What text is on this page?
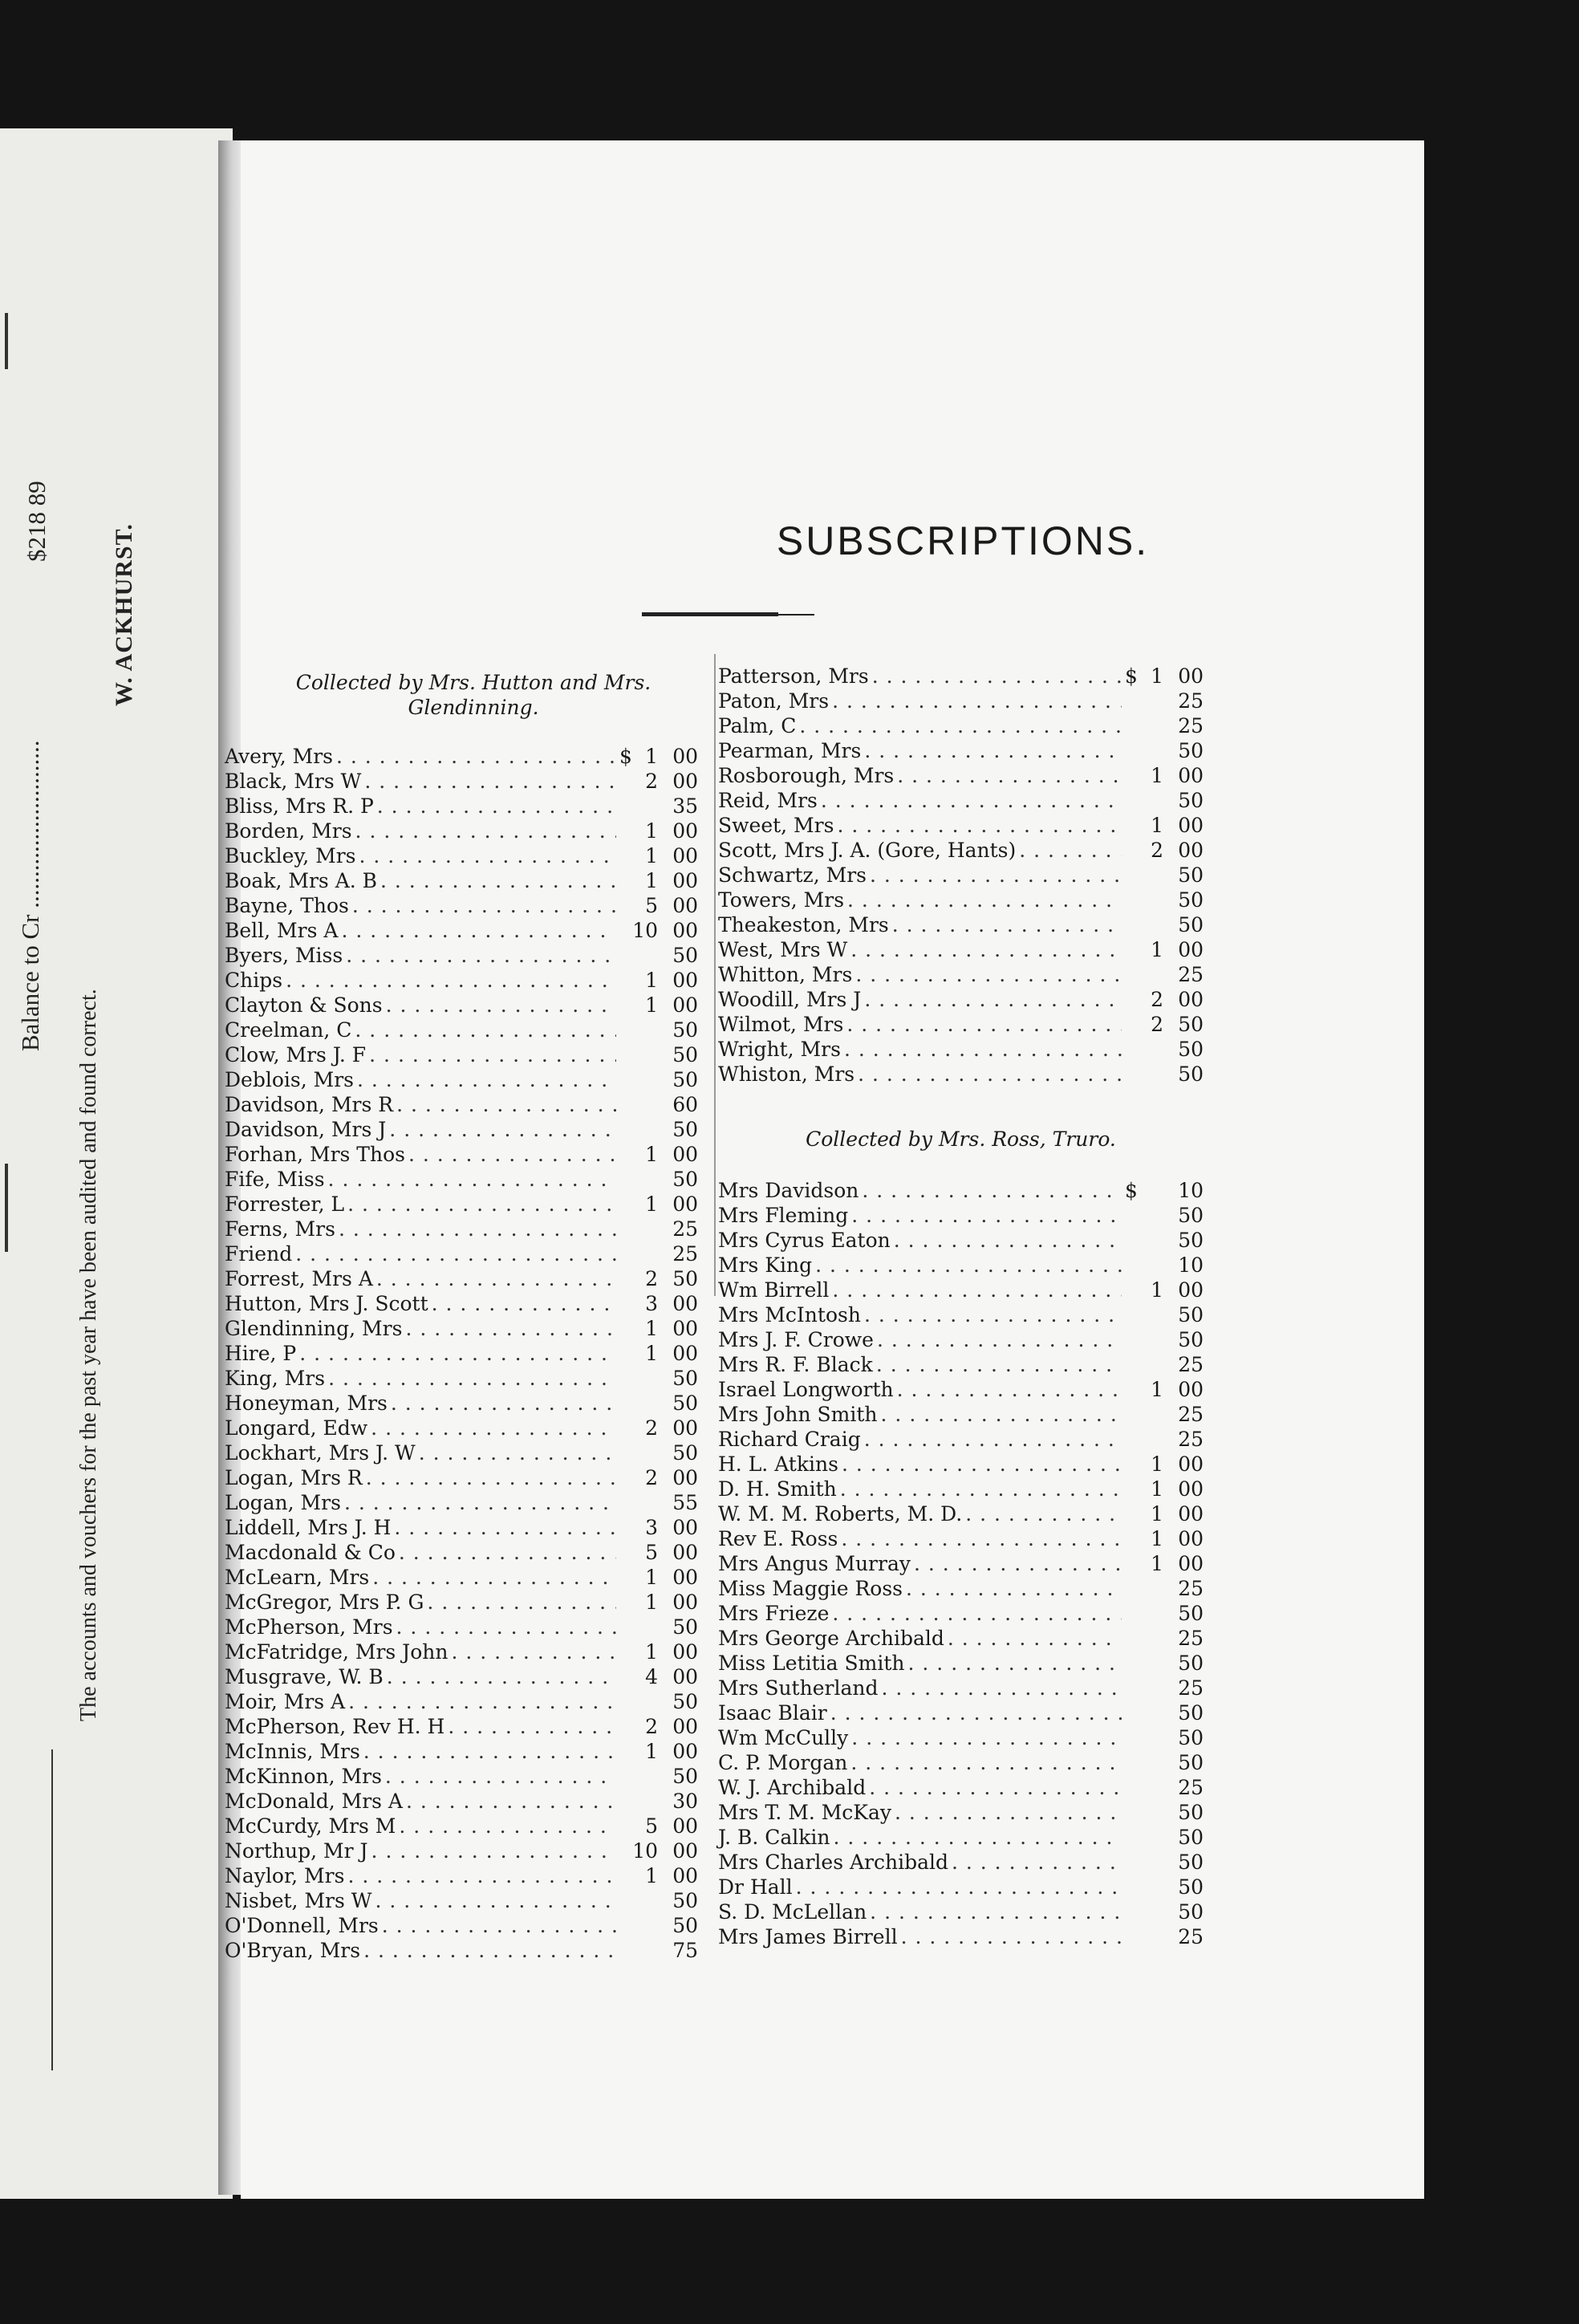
Balance to Cr ...........................
$218 89
The accounts and vouchers for the past year have been audited and found correct.
W. ACKHURST.	SUBSCRIPTIONS.
Collected by Mrs. Hutton and Mrs. Glendinning.
Avery, Mrs . . .	$ 1 00
Black, Mrs W . . .	2 00
Bliss, Mrs R. P . . .	35
Borden, Mrs . . .	1 00
Buckley, Mrs . . .	1 00
Boak, Mrs A. B . . .	1 00
Bayne, Thos . . .	5 00
Bell, Mrs A . . .	10 00
Byers, Miss . . .	50
Chips . . .	1 00
Clayton & Sons . . .	1 00
Creelman, C . . .	50
Clow, Mrs J. F . . .	50
Deblois, Mrs . . .	50
Davidson, Mrs R . . .	60
Davidson, Mrs J . . .	50
Forhan, Mrs Thos . . .	1 00
Fife, Miss . . .	50
Forrester, L . . .	1 00
Ferns, Mrs . . .	25
Friend . . .	25
Forrest, Mrs A . . .	2 50
Hutton, Mrs J. Scott . . .	3 00
Glendinning, Mrs . . .	1 00
Hire, P . . .	1 00
King, Mrs . . .	50
Honeyman, Mrs . . .	50
Longard, Edw . . .	2 00
Lockhart, Mrs J. W . . .	50
Logan, Mrs R . . .	2 00
Logan, Mrs . . .	55
Liddell, Mrs J. H . . .	3 00
Macdonald & Co . . .	5 00
McLearn, Mrs . . .	1 00
McGregor, Mrs P. G . . .	1 00
McPherson, Mrs . . .	50
McFatridge, Mrs John . . .	1 00
Musgrave, W. B . . .	4 00
Moir, Mrs A . . .	50
McPherson, Rev H. H . . .	2 00
McInnis, Mrs . . .	1 00
McKinnon, Mrs . . .	50
McDonald, Mrs A . . .	30
McCurdy, Mrs M . . .	5 00
Northup, Mr J . . .	10 00
Naylor, Mrs . . .	1 00
Nisbet, Mrs W . . .	50
O'Donnell, Mrs . . .	50
O'Bryan, Mrs . . .	75
Patterson, Mrs . . .	$ 1 00
Paton, Mrs . . .	25
Palm, C . . .	25
Pearman, Mrs . . .	50
Rosborough, Mrs . . .	1 00
Reid, Mrs . . .	50
Sweet, Mrs . . .	1 00
Scott, Mrs J. A. (Gore, Hants) . . .	2 00
Schwartz, Mrs . . .	50
Towers, Mrs . . .	50
Theakeston, Mrs . . .	50
West, Mrs W . . .	1 00
Whitton, Mrs . . .	25
Woodill, Mrs J . . .	2 00
Wilmot, Mrs . . .	2 50
Wright, Mrs . . .	50
Whiston, Mrs . . .	50
Collected by Mrs. Ross, Truro.
Mrs Davidson . . .	$	10
Mrs Fleming . . .	50
Mrs Cyrus Eaton . . .	50
Mrs King . . .	10
Wm Birrell . . .	1 00
Mrs McIntosh . . .	50
Mrs J. F. Crowe . . .	50
Mrs R. F. Black . . .	25
Israel Longworth . . .	1 00
Mrs John Smith . . .	25
Richard Craig . . .	25
H. L. Atkins . . .	1 00
D. H. Smith . . .	1 00
W. M. M. Roberts, M. D. . . .	1 00
Rev E. Ross . . .	1 00
Mrs Angus Murray . . .	1 00
Miss Maggie Ross . . .	25
Mrs Frieze . . .	50
Mrs George Archibald . . .	25
Miss Letitia Smith . . .	50
Mrs Sutherland . . .	25
Isaac Blair . . .	50
Wm McCully . . .	50
C. P. Morgan . . .	50
W. J. Archibald . . .	25
Mrs T. M. McKay . . .	50
J. B. Calkin . . .	50
Mrs Charles Archibald . . .	50
Dr Hall . . .	50
S. D. McLellan . . .	50
Mrs James Birrell . . .	25
